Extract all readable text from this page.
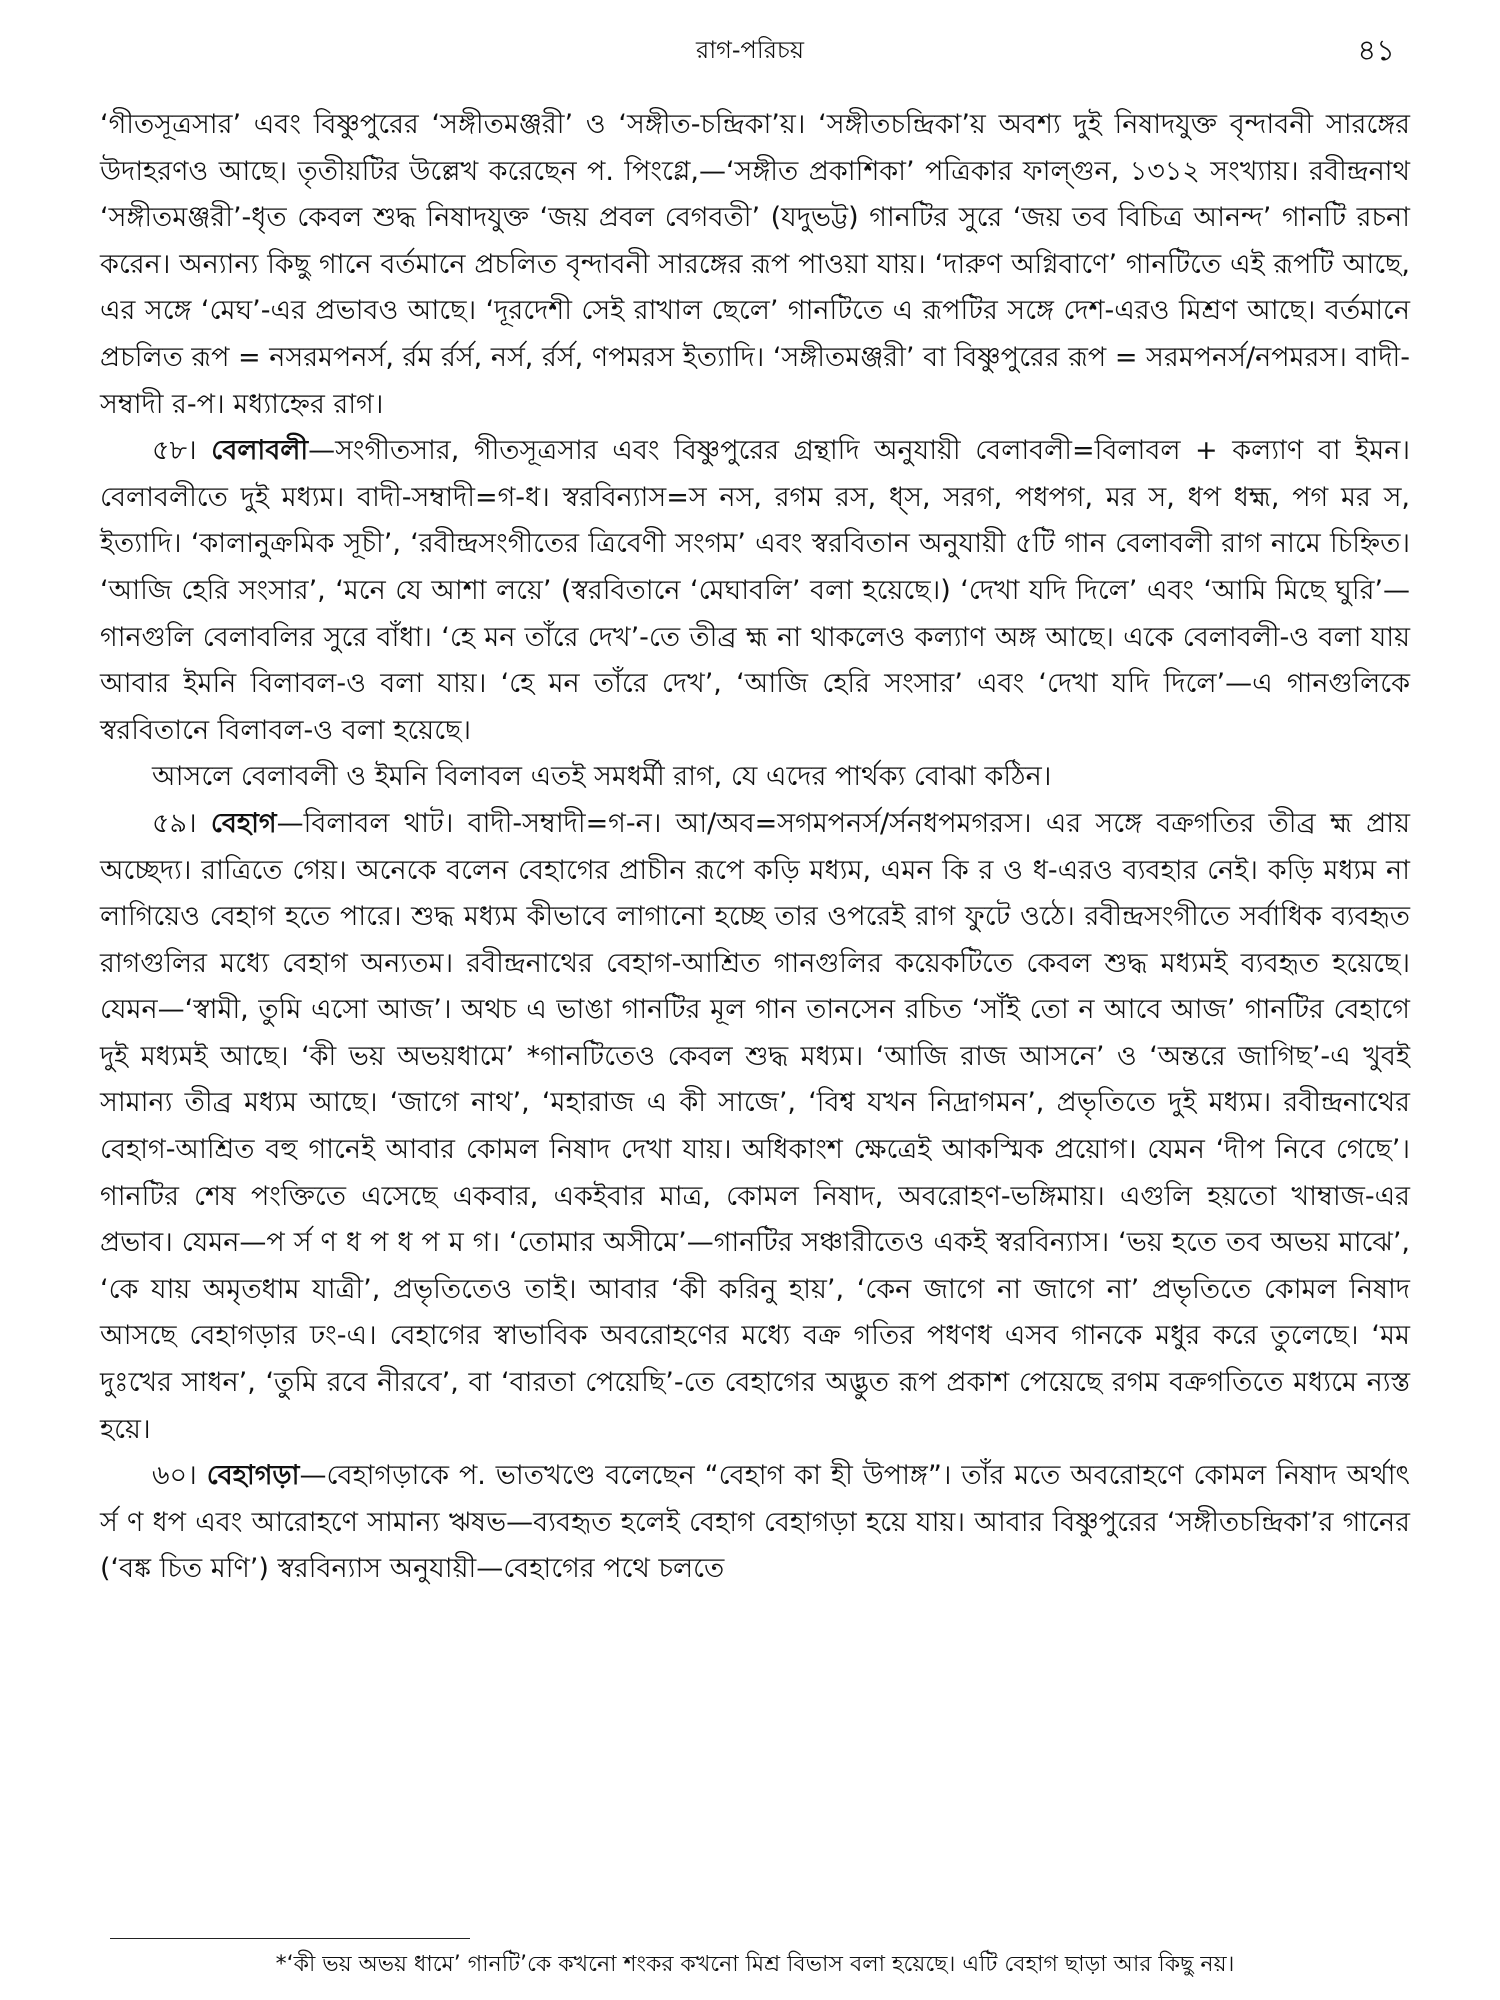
রাগ-পরিচয়	৪১

‘গীতসূত্রসার’ এবং বিষ্ণুপুরের ‘সঙ্গীতমঞ্জরী’ ও ‘সঙ্গীত-চন্দ্রিকা’য়। ‘সঙ্গীতচন্দ্রিকা’য় অবশ্য দুই নিষাদযুক্ত বৃন্দাবনী সারঙ্গের উদাহরণও আছে। তৃতীয়টির উল্লেখ করেছেন প. পিংগ্লে,—‘সঙ্গীত প্রকাশিকা’ পত্রিকার ফাল্গুন, ১৩১২ সংখ্যায়। রবীন্দ্রনাথ ‘সঙ্গীতমঞ্জরী’-ধৃত কেবল শুদ্ধ নিষাদযুক্ত ‘জয় প্রবল বেগবতী’ (যদুভট্ট) গানটির সুরে ‘জয় তব বিচিত্র আনন্দ’ গানটি রচনা করেন। অন্যান্য কিছু গানে বর্তমানে প্রচলিত বৃন্দাবনী সারঙ্গের রূপ পাওয়া যায়। ‘দারুণ অগ্নিবাণে’ গানটিতে এই রূপটি আছে, এর সঙ্গে ‘মেঘ’-এর প্রভাবও আছে। ‘দূরদেশী সেই রাখাল ছেলে’ গানটিতে এ রূপটির সঙ্গে দেশ-এরও মিশ্রণ আছে। বর্তমানে প্রচলিত রূপ = নসরমপনর্স, র্রম র্রর্স, নর্স, র্রর্স, ণপমরস ইত্যাদি। ‘সঙ্গীতমঞ্জরী’ বা বিষ্ণুপুরের রূপ = সরমপনর্স/নপমরস। বাদী-সম্বাদী র-প। মধ্যাহ্নের রাগ।

৫৮। বেলাবলী—সংগীতসার, গীতসূত্রসার এবং বিষ্ণুপুরের গ্রন্থাদি অনুযায়ী বেলাবলী=বিলাবল + কল্যাণ বা ইমন। বেলাবলীতে দুই মধ্যম। বাদী-সম্বাদী=গ-ধ। স্বরবিন্যাস=স নস, রগম রস, ধ্স, সরগ, পধপগ, মর স, ধপ ধহ্ম, পগ মর স, ইত্যাদি। ‘কালানুক্রমিক সূচী’, ‘রবীন্দ্রসংগীতের ত্রিবেণী সংগম’ এবং স্বরবিতান অনুযায়ী ৫টি গান বেলাবলী রাগ নামে চিহ্নিত। ‘আজি হেরি সংসার’, ‘মনে যে আশা লয়ে’ (স্বরবিতানে ‘মেঘাবলি’ বলা হয়েছে।) ‘দেখা যদি দিলে’ এবং ‘আমি মিছে ঘুরি’—গানগুলি বেলাবলির সুরে বাঁধা। ‘হে মন তাঁরে দেখ’-তে তীব্র হ্ম না থাকলেও কল্যাণ অঙ্গ আছে। একে বেলাবলী-ও বলা যায় আবার ইমনি বিলাবল-ও বলা যায়। ‘হে মন তাঁরে দেখ’, ‘আজি হেরি সংসার’ এবং ‘দেখা যদি দিলে’—এ গানগুলিকে স্বরবিতানে বিলাবল-ও বলা হয়েছে।

আসলে বেলাবলী ও ইমনি বিলাবল এতই সমধর্মী রাগ, যে এদের পার্থক্য বোঝা কঠিন।

৫৯। বেহাগ—বিলাবল থাট। বাদী-সম্বাদী=গ-ন। আ/অব=সগমপনর্স/র্সনধপমগরস। এর সঙ্গে বক্রগতির তীব্র হ্ম প্রায় অচ্ছেদ্য। রাত্রিতে গেয়। অনেকে বলেন বেহাগের প্রাচীন রূপে কড়ি মধ্যম, এমন কি র ও ধ-এরও ব্যবহার নেই। কড়ি মধ্যম না লাগিয়েও বেহাগ হতে পারে। শুদ্ধ মধ্যম কীভাবে লাগানো হচ্ছে তার ওপরেই রাগ ফুটে ওঠে। রবীন্দ্রসংগীতে সর্বাধিক ব্যবহৃত রাগগুলির মধ্যে বেহাগ অন্যতম। রবীন্দ্রনাথের বেহাগ-আশ্রিত গানগুলির কয়েকটিতে কেবল শুদ্ধ মধ্যমই ব্যবহৃত হয়েছে। যেমন—‘স্বামী, তুমি এসো আজ’। অথচ এ ভাঙা গানটির মূল গান তানসেন রচিত ‘সাঁই তো ন আবে আজ’ গানটির বেহাগে দুই মধ্যমই আছে। ‘কী ভয় অভয়ধামে’ *গানটিতেও কেবল শুদ্ধ মধ্যম। ‘আজি রাজ আসনে’ ও ‘অন্তরে জাগিছ’-এ খুবই সামান্য তীব্র মধ্যম আছে। ‘জাগে নাথ’, ‘মহারাজ এ কী সাজে’, ‘বিশ্ব যখন নিদ্রাগমন’, প্রভৃতিতে দুই মধ্যম। রবীন্দ্রনাথের বেহাগ-আশ্রিত বহু গানেই আবার কোমল নিষাদ দেখা যায়। অধিকাংশ ক্ষেত্রেই আকস্মিক প্রয়োগ। যেমন ‘দীপ নিবে গেছে’। গানটির শেষ পংক্তিতে এসেছে একবার, একইবার মাত্র, কোমল নিষাদ, অবরোহণ-ভঙ্গিমায়। এগুলি হয়তো খাম্বাজ-এর প্রভাব। যেমন—প র্স ণ ধ প ধ প ম গ। ‘তোমার অসীমে’—গানটির সঞ্চারীতেও একই স্বরবিন্যাস। ‘ভয় হতে তব অভয় মাঝে’, ‘কে যায় অমৃতধাম যাত্রী’, প্রভৃতিতেও তাই। আবার ‘কী করিনু হায়’, ‘কেন জাগে না জাগে না’ প্রভৃতিতে কোমল নিষাদ আসছে বেহাগড়ার ঢং-এ। বেহাগের স্বাভাবিক অবরোহণের মধ্যে বক্র গতির পধণধ এসব গানকে মধুর করে তুলেছে। ‘মম দুঃখের সাধন’, ‘তুমি রবে নীরবে’, বা ‘বারতা পেয়েছি’-তে বেহাগের অদ্ভুত রূপ প্রকাশ পেয়েছে রগম বক্রগতিতে মধ্যমে ন্যস্ত হয়ে।

৬০। বেহাগড়া—বেহাগড়াকে প. ভাতখণ্ডে বলেছেন “বেহাগ কা হী উপাঙ্গ”। তাঁর মতে অবরোহণে কোমল নিষাদ অর্থাৎ র্স ণ ধপ এবং আরোহণে সামান্য ঋষভ—ব্যবহৃত হলেই বেহাগ বেহাগড়া হয়ে যায়। আবার বিষ্ণুপুরের ‘সঙ্গীতচন্দ্রিকা’র গানের (‘বঙ্ক চিত মণি’) স্বরবিন্যাস অনুযায়ী—বেহাগের পথে চলতে

*‘কী ভয় অভয় ধামে’ গানটি’কে কখনো শংকর কখনো মিশ্র বিভাস বলা হয়েছে। এটি বেহাগ ছাড়া আর কিছু নয়।
